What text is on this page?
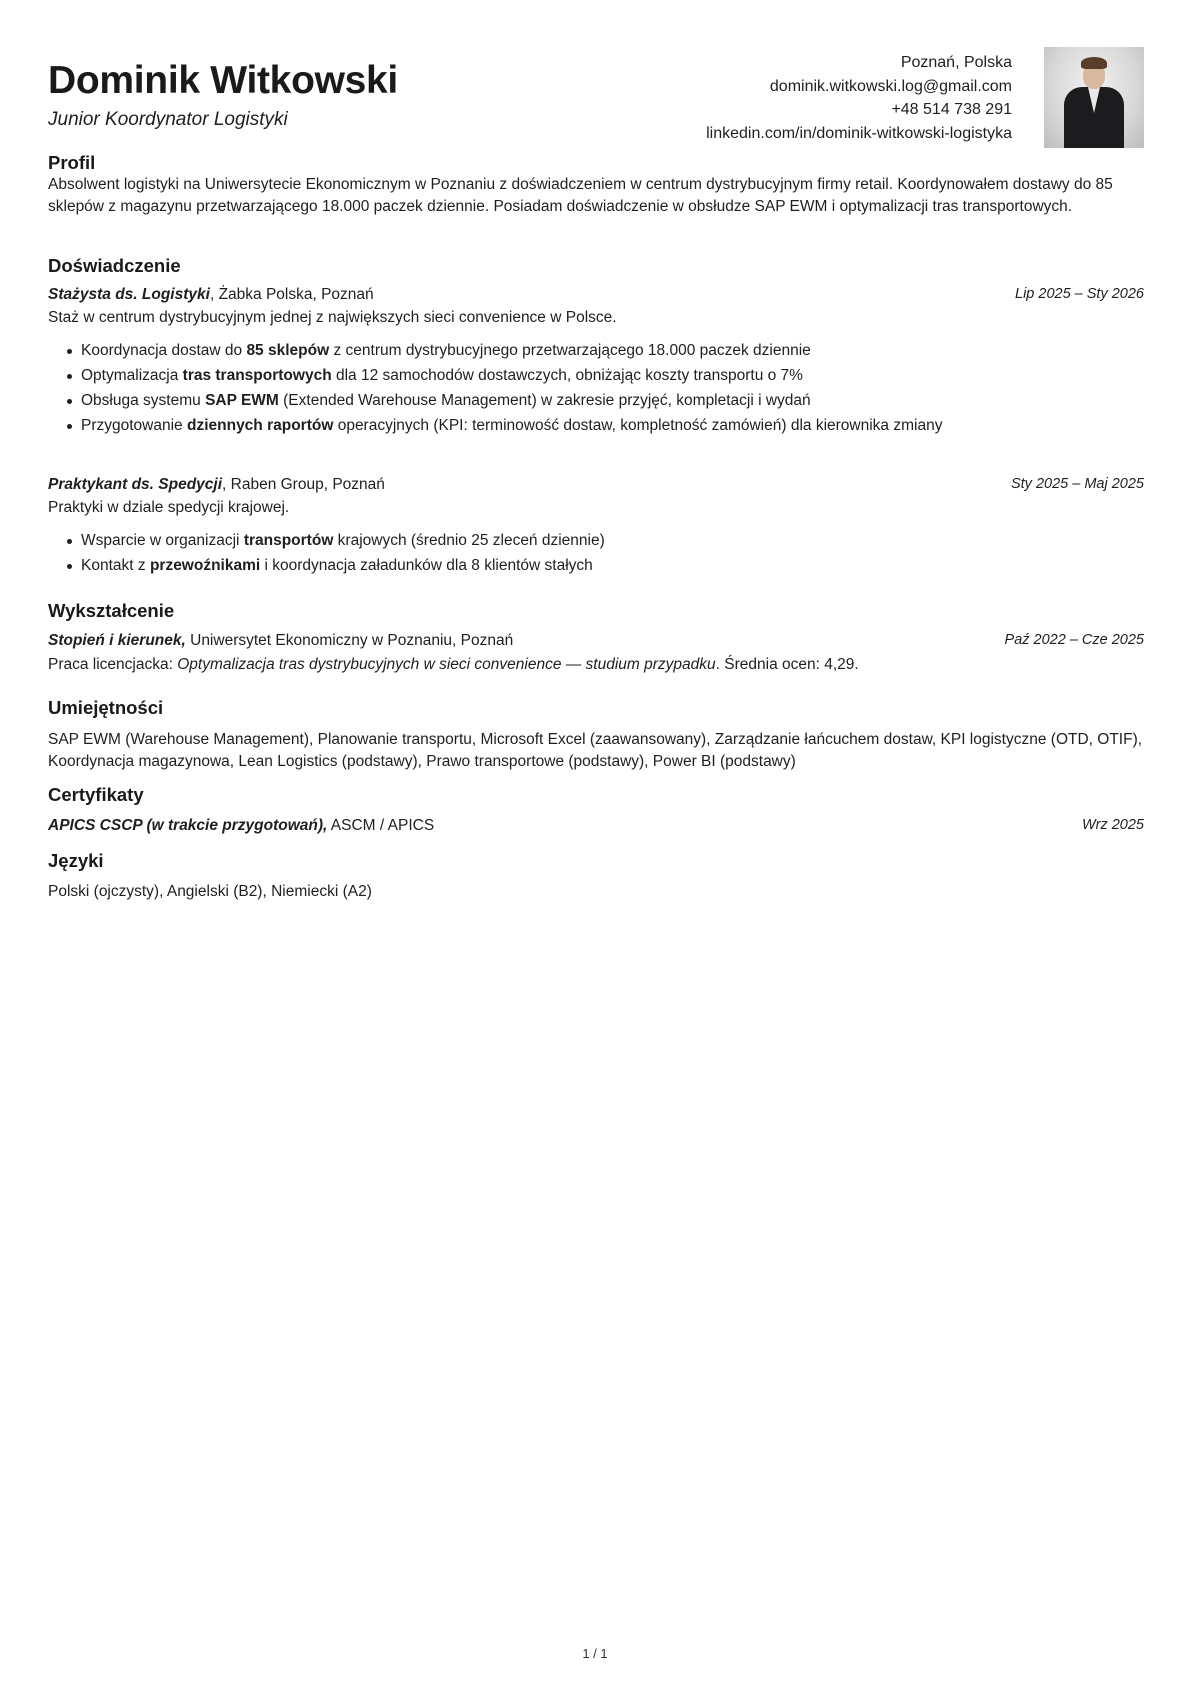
Dominik Witkowski
Junior Koordynator Logistyki
Poznań, Polska
dominik.witkowski.log@gmail.com
+48 514 738 291
linkedin.com/in/dominik-witkowski-logistyka
Profil
Absolwent logistyki na Uniwersytecie Ekonomicznym w Poznaniu z doświadczeniem w centrum dystrybucyjnym firmy retail. Koordynowałem dostawy do 85 sklepów z magazynu przetwarzającego 18.000 paczek dziennie. Posiadam doświadczenie w obsłudze SAP EWM i optymalizacji tras transportowych.
Doświadczenie
Stażysta ds. Logistyki, Żabka Polska, Poznań	Lip 2025 – Sty 2026
Staż w centrum dystrybucyjnym jednej z największych sieci convenience w Polsce.
Koordynacja dostaw do 85 sklepów z centrum dystrybucyjnego przetwarzającego 18.000 paczek dziennie
Optymalizacja tras transportowych dla 12 samochodów dostawczych, obniżając koszty transportu o 7%
Obsługa systemu SAP EWM (Extended Warehouse Management) w zakresie przyjęć, kompletacji i wydań
Przygotowanie dziennych raportów operacyjnych (KPI: terminowość dostaw, kompletność zamówień) dla kierownika zmiany
Praktykant ds. Spedycji, Raben Group, Poznań	Sty 2025 – Maj 2025
Praktyki w dziale spedycji krajowej.
Wsparcie w organizacji transportów krajowych (średnio 25 zleceń dziennie)
Kontakt z przewoźnikami i koordynacja załadunków dla 8 klientów stałych
Wykształcenie
Stopień i kierunek, Uniwersytet Ekonomiczny w Poznaniu, Poznań	Paź 2022 – Cze 2025
Praca licencjacka: Optymalizacja tras dystrybucyjnych w sieci convenience — studium przypadku. Średnia ocen: 4,29.
Umiejętności
SAP EWM (Warehouse Management), Planowanie transportu, Microsoft Excel (zaawansowany), Zarządzanie łańcuchem dostaw, KPI logistyczne (OTD, OTIF), Koordynacja magazynowa, Lean Logistics (podstawy), Prawo transportowe (podstawy), Power BI (podstawy)
Certyfikaty
APICS CSCP (w trakcie przygotowań), ASCM / APICS	Wrz 2025
Języki
Polski (ojczysty), Angielski (B2), Niemiecki (A2)
1 / 1
